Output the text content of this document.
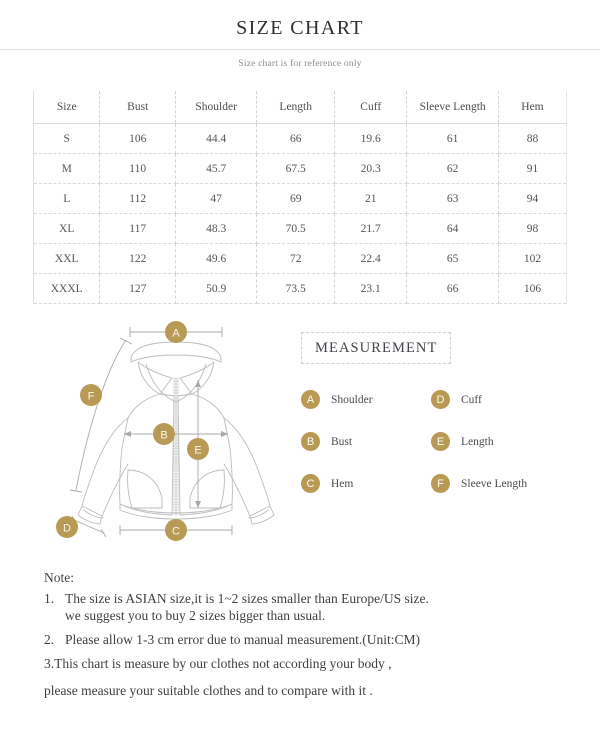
SIZE CHART
Size chart is for reference only
Size	Bust	Shoulder	Length	Cuff	Sleeve Length	Hem
S	106	44.4	66	19.6	61	88
M	110	45.7	67.5	20.3	62	91
L	112	47	69	21	63	94
XL	117	48.3	70.5	21.7	64	98
XXL	122	49.6	72	22.4	65	102
XXXL	127	50.9	73.5	23.1	66	106
A
B
E
F
C
D
MEASUREMENT
A	Shoulder	D	Cuff
B	Bust	E	Length
C	Hem	F	Sleeve Length
Note:
1. The size is ASIAN size,it is 1~2 sizes smaller than Europe/US size.
we suggest you to buy 2 sizes bigger than usual.
2. Please allow 1-3 cm error due to manual measurement.(Unit:CM)
3.This chart is measure by our clothes not according your body ,
please measure your suitable clothes and to compare with it .
